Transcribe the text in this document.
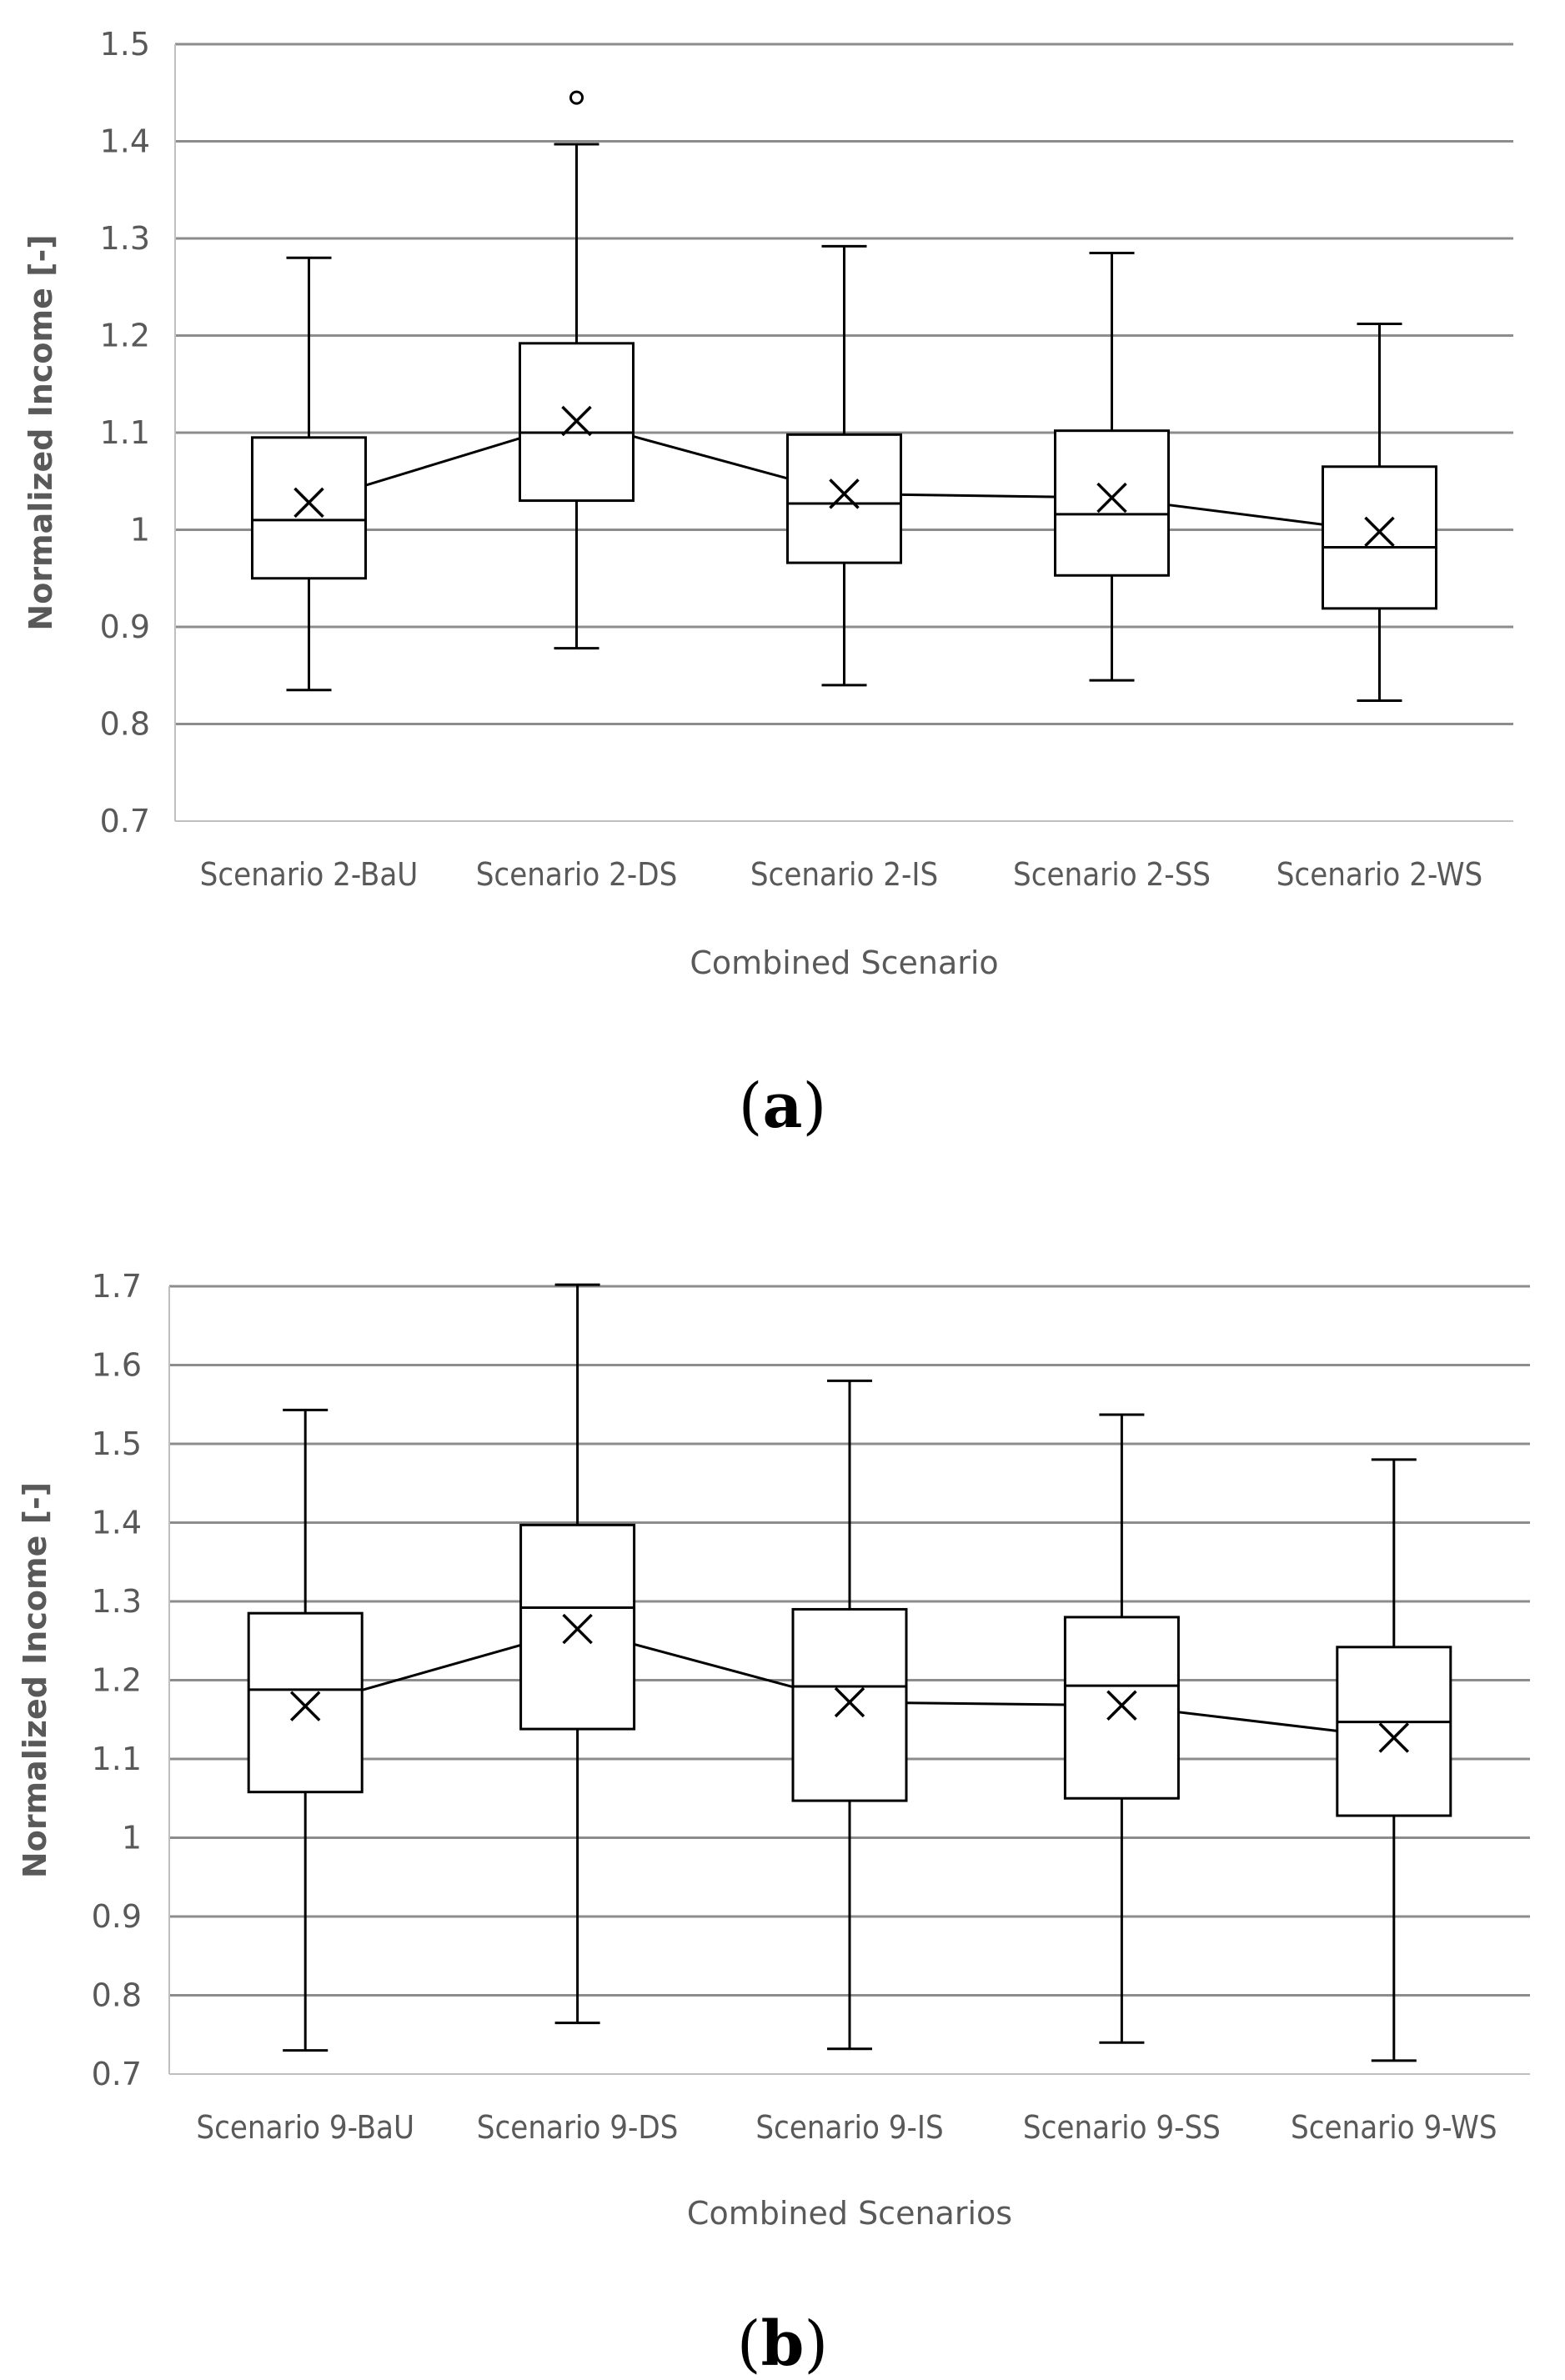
0.7
0.8
0.9
1
1.1
1.2
1.3
1.4
1.5
Scenario 2-BaU Scenario 2-DS Scenario 2-IS Scenario 2-SS Scenario 2-WS
Combined Scenario
Normalized Income [-]
(a)
0.7
0.8
0.9
1
1.1
1.2
1.3
1.4
1.5
1.6
1.7
Scenario 9-BaU Scenario 9-DS Scenario 9-IS	Scenario 9-SS Scenario 9-WS
Combined Scenarios
Normalized Income [-]
(b)
